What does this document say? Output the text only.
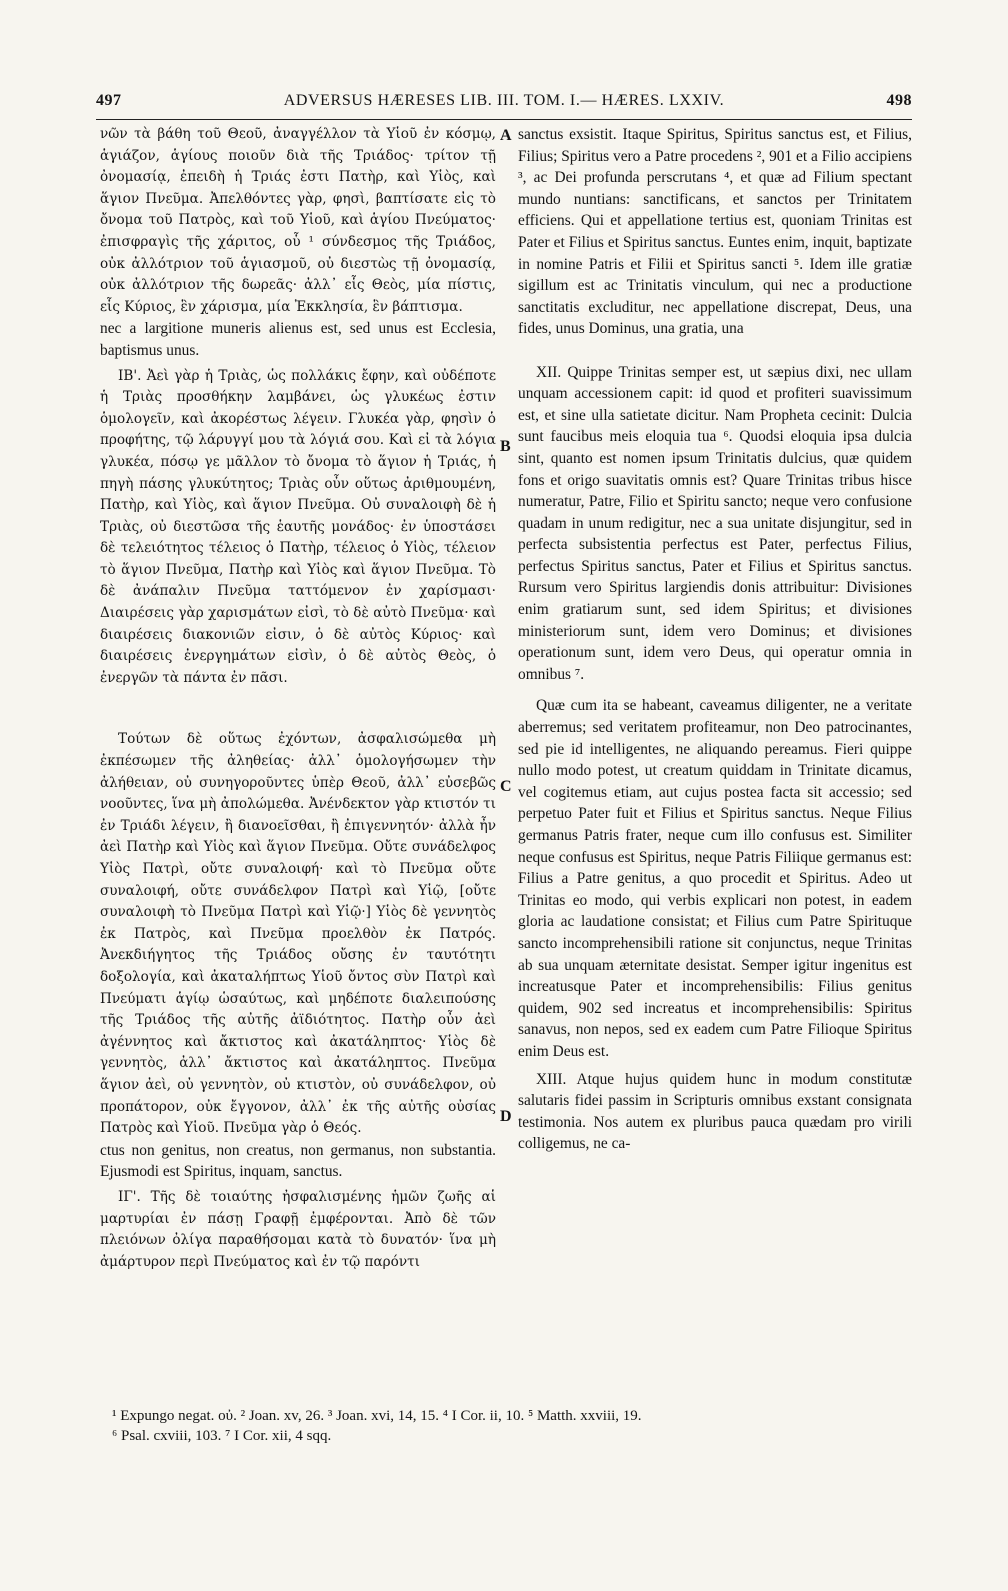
497	ADVERSUS HÆRESES LIB. III. TOM. I.— HÆRES. LXXIV.	498
A
B
C
D

νῶν τὰ βάθη τοῦ Θεοῦ, ἀναγγέλλον τὰ Υἱοῦ ἐν κόσμῳ, ἁγιάζον, ἁγίους ποιοῦν διὰ τῆς Τριάδος· τρίτον τῇ ὀνομασίᾳ, ἐπειδὴ ἡ Τριάς ἐστι Πατὴρ, καὶ Υἱὸς, καὶ ἅγιον Πνεῦμα. Ἀπελθόντες γὰρ, φησὶ, βαπτίσατε εἰς τὸ ὄνομα τοῦ Πατρὸς, καὶ τοῦ Υἱοῦ, καὶ ἁγίου Πνεύματος· ἐπισφραγὶς τῆς χάριτος, οὗ ¹ σύνδεσμος τῆς Τριάδος, οὐκ ἀλλότριον τοῦ ἁγιασμοῦ, οὐ διεστὼς τῇ ὀνομασίᾳ, οὐκ ἀλλότριον τῆς δωρεᾶς· ἀλλ᾽ εἷς Θεὸς, μία πίστις, εἷς Κύριος, ἓν χάρισμα, μία Ἐκκλησία, ἓν βάπτισμα.

nec a largitione muneris alienus est, sed unus est Ecclesia, baptismus unus.

ΙΒ'. Ἀεὶ γὰρ ἡ Τριὰς, ὡς πολλάκις ἔφην, καὶ οὐδέποτε ἡ Τριὰς προσθήκην λαμβάνει, ὡς γλυκέως ἐστιν ὁμολογεῖν, καὶ ἀκορέστως λέγειν. Γλυκέα γὰρ, φησὶν ὁ προφήτης, τῷ λάρυγγί μου τὰ λόγιά σου. Καὶ εἰ τὰ λόγια γλυκέα, πόσῳ γε μᾶλλον τὸ ὄνομα τὸ ἅγιον ἡ Τριάς, ἡ πηγὴ πάσης γλυκύτητος; Τριὰς οὖν οὕτως ἀριθμουμένη, Πατὴρ, καὶ Υἱὸς, καὶ ἅγιον Πνεῦμα. Οὐ συναλοιφὴ δὲ ἡ Τριὰς, οὐ διεστῶσα τῆς ἑαυτῆς μονάδος· ἐν ὑποστάσει δὲ τελειότητος τέλειος ὁ Πατὴρ, τέλειος ὁ Υἱὸς, τέλειον τὸ ἅγιον Πνεῦμα, Πατὴρ καὶ Υἱὸς καὶ ἅγιον Πνεῦμα. Τὸ δὲ ἀνάπαλιν Πνεῦμα ταττόμενον ἐν χαρίσμασι· Διαιρέσεις γὰρ χαρισμάτων εἰσὶ, τὸ δὲ αὐτὸ Πνεῦμα· καὶ διαιρέσεις διακονιῶν εἰσιν, ὁ δὲ αὐτὸς Κύριος· καὶ διαιρέσεις ἐνεργημάτων εἰσὶν, ὁ δὲ αὐτὸς Θεὸς, ὁ ἐνεργῶν τὰ πάντα ἐν πᾶσι.

Τούτων δὲ οὕτως ἐχόντων, ἀσφαλισώμεθα μὴ ἐκπέσωμεν τῆς ἀληθείας· ἀλλ᾽ ὁμολογήσωμεν τὴν ἀλήθειαν, οὐ συνηγοροῦντες ὑπὲρ Θεοῦ, ἀλλ᾽ εὐσεβῶς νοοῦντες, ἵνα μὴ ἀπολώμεθα. Ἀνένδεκτον γὰρ κτιστόν τι ἐν Τριάδι λέγειν, ἢ διανοεῖσθαι, ἢ ἐπιγεννητόν· ἀλλὰ ἦν ἀεὶ Πατὴρ καὶ Υἱὸς καὶ ἅγιον Πνεῦμα. Οὔτε συνάδελφος Υἱὸς Πατρὶ, οὔτε συναλοιφή· καὶ τὸ Πνεῦμα οὔτε συναλοιφή, οὔτε συνάδελφον Πατρὶ καὶ Υἱῷ, [οὔτε συναλοιφὴ τὸ Πνεῦμα Πατρὶ καὶ Υἱῷ·] Υἱὸς δὲ γεννητὸς ἐκ Πατρὸς, καὶ Πνεῦμα προελθὸν ἐκ Πατρός. Ἀνεκδιήγητος τῆς Τριάδος οὔσης ἐν ταυτότητι δοξολογία, καὶ ἀκαταλήπτως Υἱοῦ ὄντος σὺν Πατρὶ καὶ Πνεύματι ἁγίῳ ὡσαύτως, καὶ μηδέποτε διαλειπούσης τῆς Τριάδος τῆς αὐτῆς ἀϊδιότητος. Πατὴρ οὖν ἀεὶ ἀγέννητος καὶ ἄκτιστος καὶ ἀκατάληπτος· Υἱὸς δὲ γεννητὸς, ἀλλ᾽ ἄκτιστος καὶ ἀκατάληπτος. Πνεῦμα ἅγιον ἀεὶ, οὐ γεννητὸν, οὐ κτιστὸν, οὐ συνάδελφον, οὐ προπάτορον, οὐκ ἔγγονον, ἀλλ᾽ ἐκ τῆς αὐτῆς οὐσίας Πατρὸς καὶ Υἱοῦ. Πνεῦμα γὰρ ὁ Θεός.

ctus non genitus, non creatus, non germanus, non substantia. Ejusmodi est Spiritus, inquam, sanctus.

ΙΓ'. Τῆς δὲ τοιαύτης ἠσφαλισμένης ἡμῶν ζωῆς αἱ μαρτυρίαι ἐν πάσῃ Γραφῇ ἐμφέρονται. Ἀπὸ δὲ τῶν πλειόνων ὀλίγα παραθήσομαι κατὰ τὸ δυνατόν· ἵνα μὴ ἀμάρτυρον περὶ Πνεύματος καὶ ἐν τῷ παρόντι

sanctus exsistit. Itaque Spiritus, Spiritus sanctus est, et Filius, Filius; Spiritus vero a Patre procedens ², 901 et a Filio accipiens ³, ac Dei profunda perscrutans ⁴, et quæ ad Filium spectant mundo nuntians: sanctificans, et sanctos per Trinitatem efficiens. Qui et appellatione tertius est, quoniam Trinitas est Pater et Filius et Spiritus sanctus. Euntes enim, inquit, baptizate in nomine Patris et Filii et Spiritus sancti ⁵. Idem ille gratiæ sigillum est ac Trinitatis vinculum, qui nec a productione sanctitatis excluditur, nec appellatione discrepat, Deus, una fides, unus Dominus, una gratia, una

XII. Quippe Trinitas semper est, ut sæpius dixi, nec ullam unquam accessionem capit: id quod et profiteri suavissimum est, et sine ulla satietate dicitur. Nam Propheta cecinit: Dulcia sunt faucibus meis eloquia tua ⁶. Quodsi eloquia ipsa dulcia sint, quanto est nomen ipsum Trinitatis dulcius, quæ quidem fons et origo suavitatis omnis est? Quare Trinitas tribus hisce numeratur, Patre, Filio et Spiritu sancto; neque vero confusione quadam in unum redigitur, nec a sua unitate disjungitur, sed in perfecta subsistentia perfectus est Pater, perfectus Filius, perfectus Spiritus sanctus, Pater et Filius et Spiritus sanctus. Rursum vero Spiritus largiendis donis attribuitur: Divisiones enim gratiarum sunt, sed idem Spiritus; et divisiones ministeriorum sunt, idem vero Dominus; et divisiones operationum sunt, idem vero Deus, qui operatur omnia in omnibus ⁷.

Quæ cum ita se habeant, caveamus diligenter, ne a veritate aberremus; sed veritatem profiteamur, non Deo patrocinantes, sed pie id intelligentes, ne aliquando pereamus. Fieri quippe nullo modo potest, ut creatum quiddam in Trinitate dicamus, vel cogitemus etiam, aut cujus postea facta sit accessio; sed perpetuo Pater fuit et Filius et Spiritus sanctus. Neque Filius germanus Patris frater, neque cum illo confusus est. Similiter neque confusus est Spiritus, neque Patris Filiique germanus est: Filius a Patre genitus, a quo procedit et Spiritus. Adeo ut Trinitas eo modo, qui verbis explicari non potest, in eadem gloria ac laudatione consistat; et Filius cum Patre Spirituque sancto incomprehensibili ratione sit conjunctus, neque Trinitas ab sua unquam æternitate desistat. Semper igitur ingenitus est increatusque Pater et incomprehensibilis: Filius genitus quidem, 902 sed increatus et incomprehensibilis: Spiritus sanavus, non nepos, sed ex eadem cum Patre Filioque Spiritus enim Deus est.

XIII. Atque hujus quidem hunc in modum constitutæ salutaris fidei passim in Scripturis omnibus exstant consignata testimonia. Nos autem ex pluribus pauca quædam pro virili colligemus, ne ca-

¹ Expungo negat. οὐ. ² Joan. xv, 26. ³ Joan. xvi, 14, 15. ⁴ I Cor. ii, 10. ⁵ Matth. xxviii, 19.
⁶ Psal. cxviii, 103. ⁷ I Cor. xii, 4 sqq.
